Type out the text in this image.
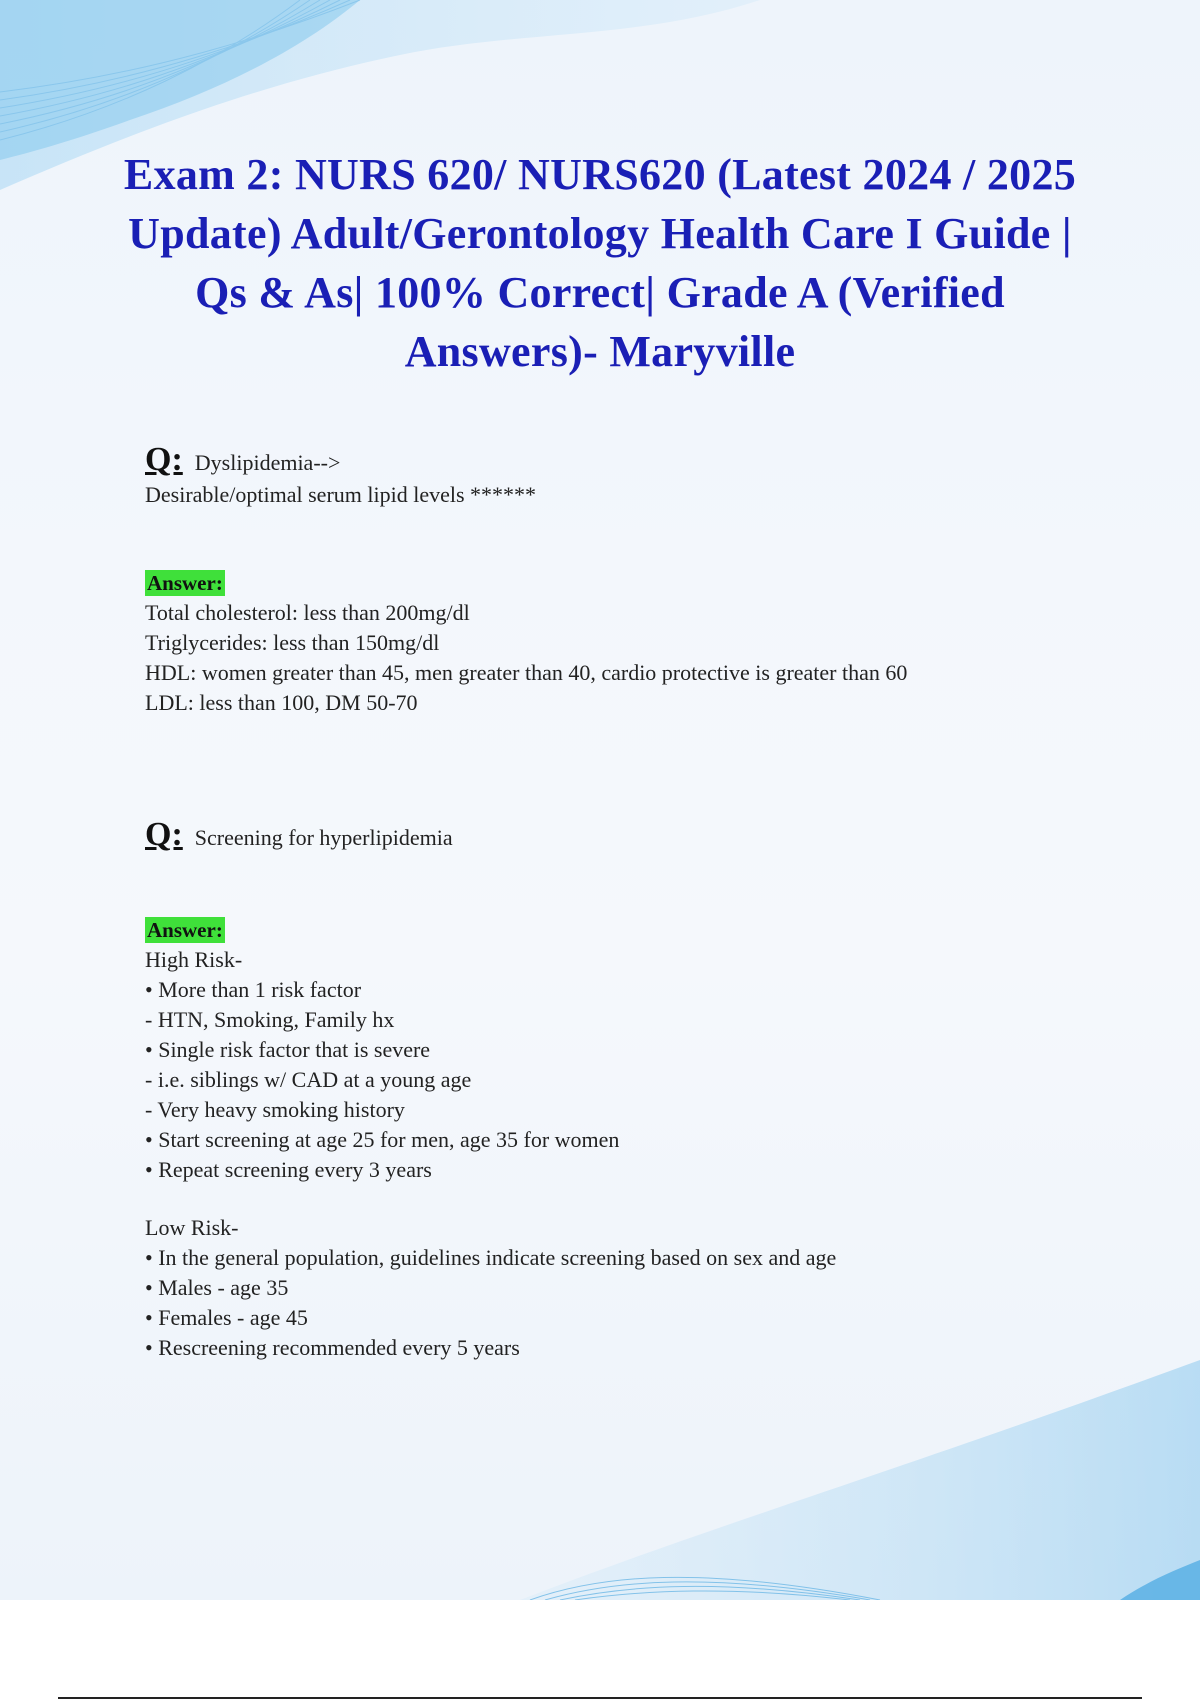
Exam 2: NURS 620/ NURS620 (Latest 2024 / 2025 Update) Adult/Gerontology Health Care I Guide | Qs & As| 100% Correct| Grade A (Verified Answers)- Maryville
Q: Dyslipidemia-->
Desirable/optimal serum lipid levels ******
Answer:
Total cholesterol: less than 200mg/dl
Triglycerides: less than 150mg/dl
HDL: women greater than 45, men greater than 40, cardio protective is greater than 60
LDL: less than 100, DM 50-70
Q: Screening for hyperlipidemia
Answer:
High Risk-
• More than 1 risk factor
- HTN, Smoking, Family hx
• Single risk factor that is severe
- i.e. siblings w/ CAD at a young age
- Very heavy smoking history
• Start screening at age 25 for men, age 35 for women
• Repeat screening every 3 years
Low Risk-
• In the general population, guidelines indicate screening based on sex and age
• Males - age 35
• Females - age 45
• Rescreening recommended every 5 years
